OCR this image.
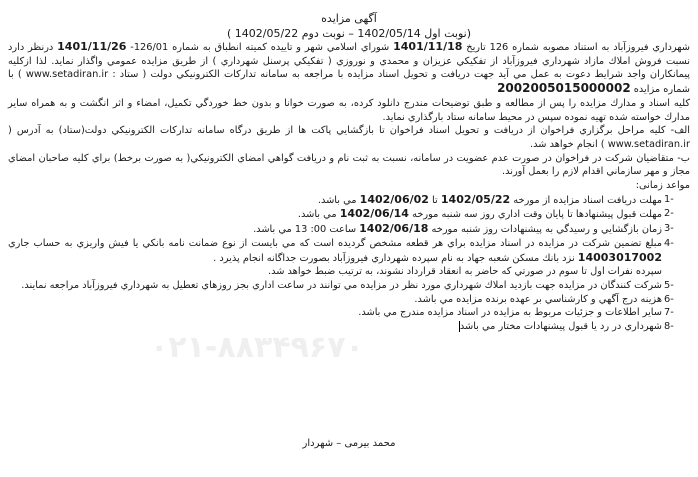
۰۲۱-۸۸۳۴۹۶۷۰
آگهی مزایده
(نوبت اول 1402/05/14 – نوبت دوم 1402/05/22 )

شهرداري فيروزآباد به استناد مصوبه شماره 126 تاريخ 1401/11/18 شوراي اسلامي شهر و تاييده كميته انطباق به شماره 126/01- 1401/11/26 درنظر دارد نسبت فروش املاك مازاد شهرداري فيروزآباد از تفكيكي عزيزان و محمدي و نوروزي ( تفكيكي پرسنل شهرداري ) از طريق مزايده عمومي واگذار نمايد. لذا ازكليه پيمانكاران واجد شرايط دعوت به عمل مي آيد جهت دريافت و تحويل اسناد مزايده با مراجعه به سامانه تداركات الكترونيكي دولت ( ستاد : www.setadiran.ir ) با شماره مزايده 2002005015000002

كليه اسناد و مدارك مزايده را پس از مطالعه و طبق توضيحات مندرج دانلود كرده، به صورت خوانا و بدون خط خوردگي تكميل، امضاء و اثر انگشت و به همراه ساير مدارك خواسته شده تهيه نموده سپس در محيط سامانه ستاد بارگذاري نمايد.

الف- كليه مراحل برگزاري فراخوان از دريافت و تحويل اسناد فراخوان تا بازگشايي پاكت ها از طريق درگاه سامانه تداركات الكترونيكي دولت(ستاد) به آدرس ( www.setadiran.ir ) انجام خواهد شد.

ب- متقاضيان شركت در فراخوان در صورت عدم عضويت در سامانه، نسبت به ثبت نام و دريافت گواهي امضاي الكترونيكي( به صورت برخط) براي كليه صاحبان امضاي مجاز و مهر سازماني اقدام لازم را بعمل آورند.

مواعد زمانی:

1-
مهلت دريافت اسناد مزايده از مورخه 1402/05/22 تا 1402/06/02 مي باشد.
2-
مهلت قبول پيشنهادها تا پايان وقت اداري روز سه شنبه مورخه 1402/06/14 مي باشد.
3-
زمان بازگشايي و رسيدگي به پيشنهادات روز شنبه مورخه 1402/06/18 ساعت 00: 13 مي باشد.
4-
مبلغ تضمين شركت در مزايده در اسناد مزايده براي هر قطعه مشخص گرديده است كه مي بايست از نوع ضمانت نامه بانكي يا فيش واريزي به حساب جاري 14003017002 نزد بانك مسكن شعبه جهاد به نام سپرده شهرداري فيروزآباد بصورت جداگانه انجام پذيرد .
سپرده نفرات اول تا سوم در صورتي كه حاضر به انعقاد قرارداد نشوند، به ترتيب ضبط خواهد شد.
5-
شركت كنندگان در مزايده جهت بازديد املاك شهرداري مورد نظر در مزايده مي توانند در ساعت اداري بجز روزهاي تعطيل به شهرداري فيروزآباد مراجعه نمايند.
6-
هزينه درج آگهي و كارشناسي بر عهده برنده مزايده مي باشد.
7-
ساير اطلاعات و جزئيات مربوط به مزايده در اسناد مزايده مندرج مي باشد.
8-
شهرداري در رد يا قبول پيشنهادات مختار مي باشد
محمد بیرمی – شهردار
